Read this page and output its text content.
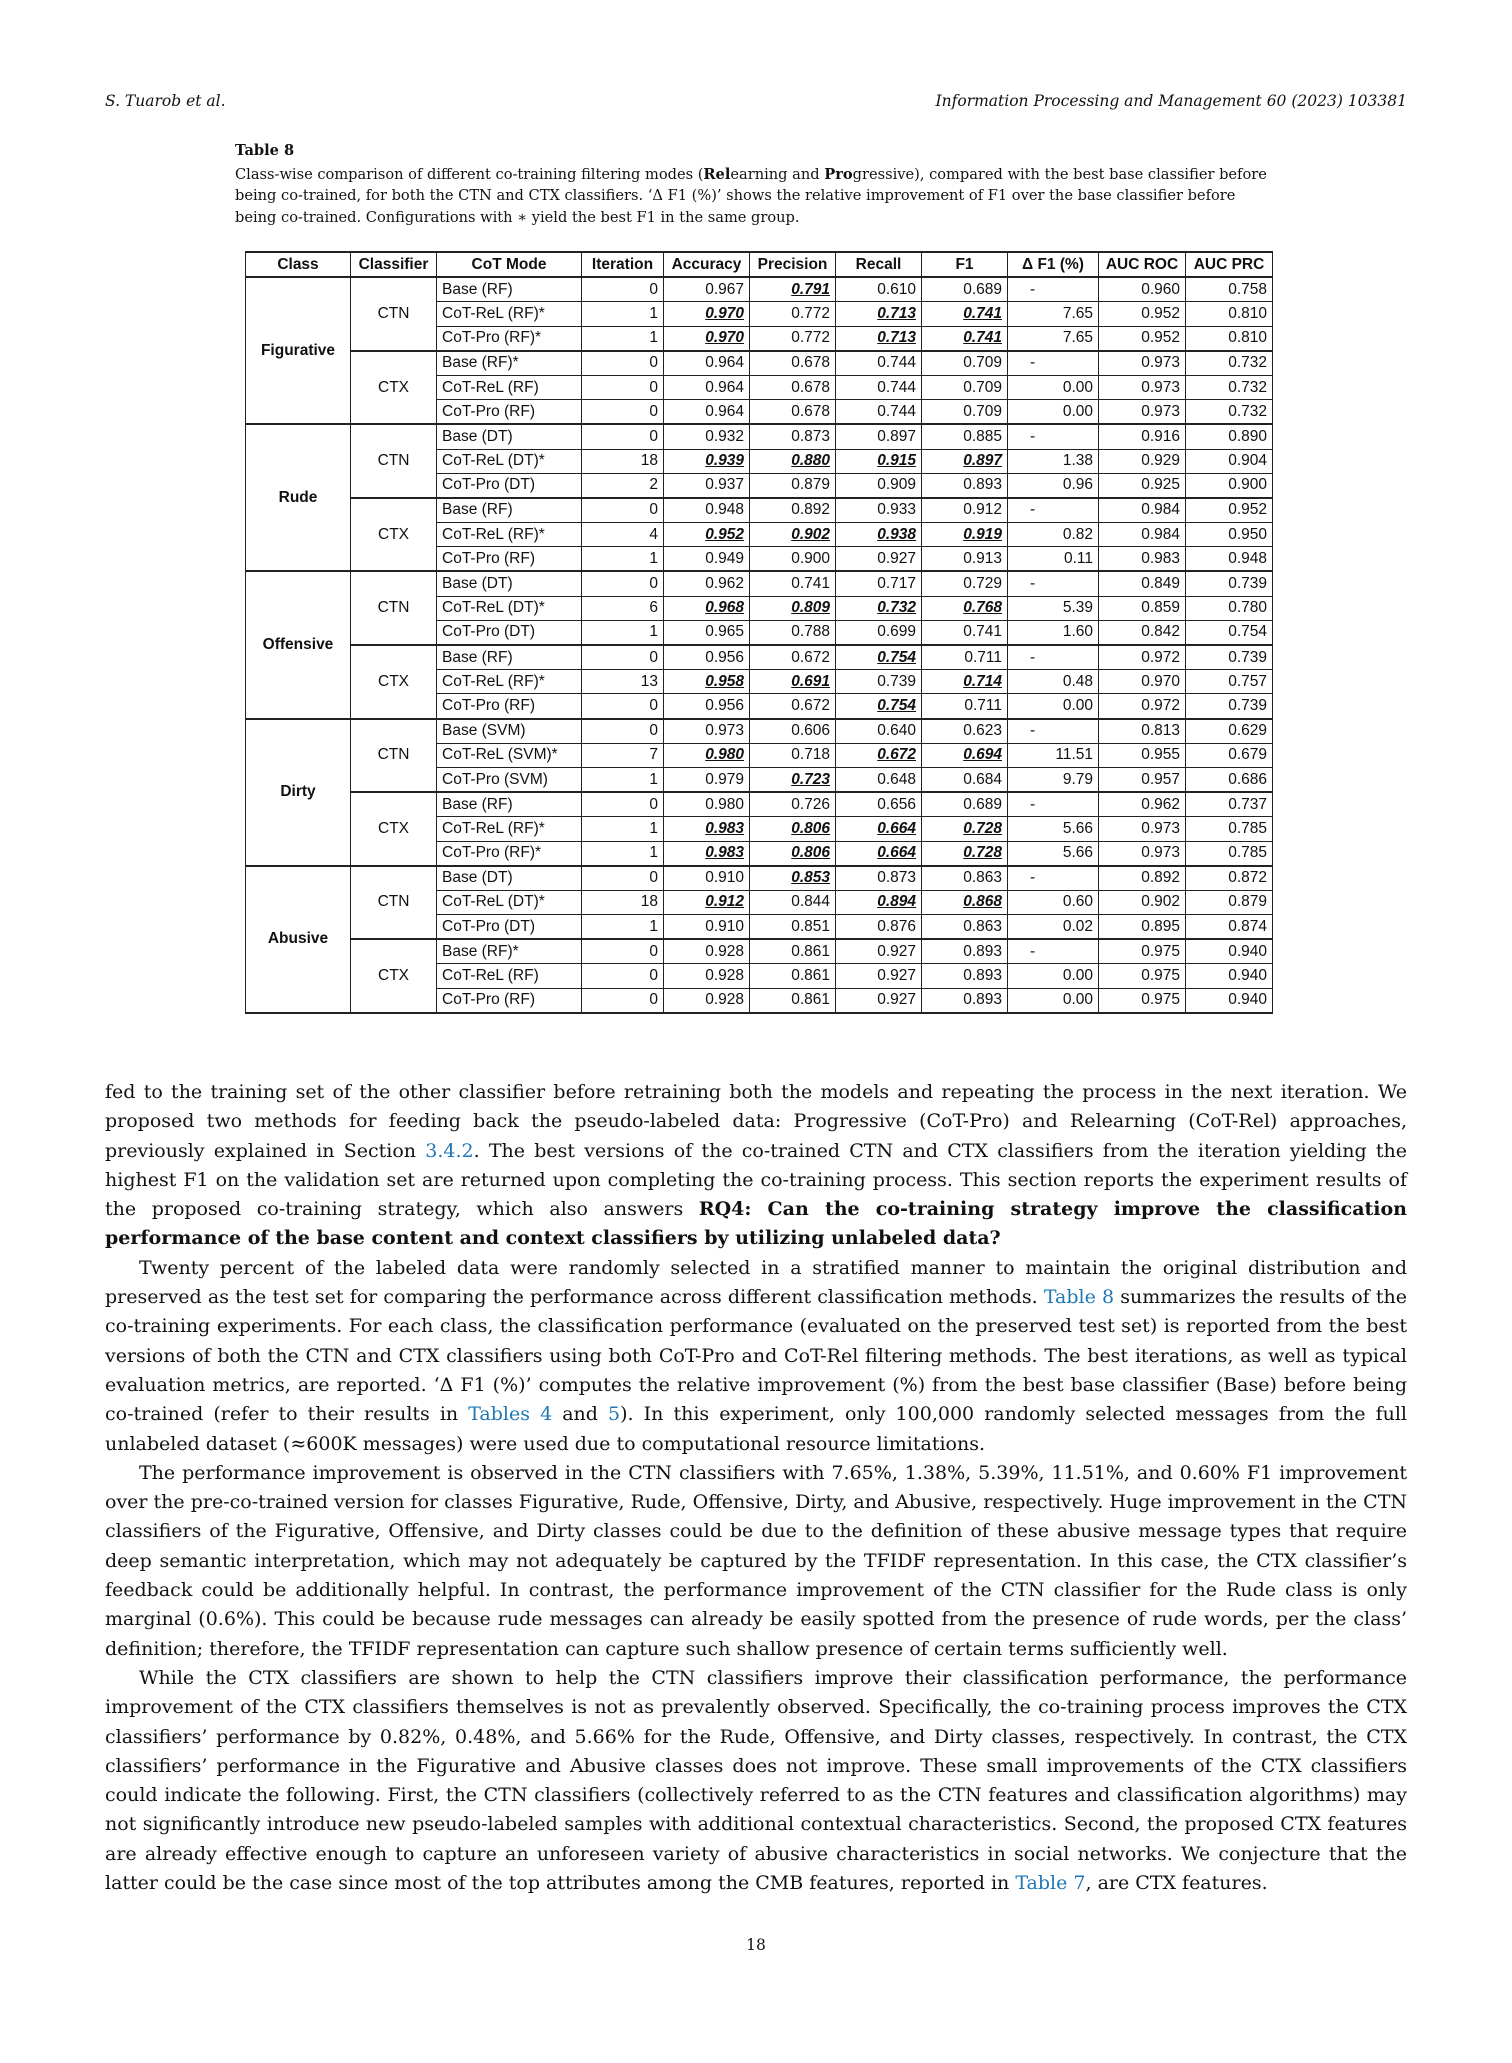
S. Tuarob et al.	Information Processing and Management 60 (2023) 103381
Table 8
Class-wise comparison of different co-training filtering modes (Relearning and Progressive), compared with the best base classifier before being co-trained, for both the CTN and CTX classifiers. ‘Δ F1 (%)’ shows the relative improvement of F1 over the base classifier before being co-trained. Configurations with ∗ yield the best F1 in the same group.
Class	Classifier	CoT Mode	Iteration	Accuracy	Precision	Recall	F1	Δ F1 (%)	AUC ROC	AUC PRC
Figurative	CTN	Base (RF)	0	0.967	0.791	0.610	0.689	-	0.960	0.758
		CoT-ReL (RF)*	1	0.970	0.772	0.713	0.741	7.65	0.952	0.810
		CoT-Pro (RF)*	1	0.970	0.772	0.713	0.741	7.65	0.952	0.810
	CTX	Base (RF)*	0	0.964	0.678	0.744	0.709	-	0.973	0.732
		CoT-ReL (RF)	0	0.964	0.678	0.744	0.709	0.00	0.973	0.732
		CoT-Pro (RF)	0	0.964	0.678	0.744	0.709	0.00	0.973	0.732
Rude	CTN	Base (DT)	0	0.932	0.873	0.897	0.885	-	0.916	0.890
		CoT-ReL (DT)*	18	0.939	0.880	0.915	0.897	1.38	0.929	0.904
		CoT-Pro (DT)	2	0.937	0.879	0.909	0.893	0.96	0.925	0.900
	CTX	Base (RF)	0	0.948	0.892	0.933	0.912	-	0.984	0.952
		CoT-ReL (RF)*	4	0.952	0.902	0.938	0.919	0.82	0.984	0.950
		CoT-Pro (RF)	1	0.949	0.900	0.927	0.913	0.11	0.983	0.948
Offensive	CTN	Base (DT)	0	0.962	0.741	0.717	0.729	-	0.849	0.739
		CoT-ReL (DT)*	6	0.968	0.809	0.732	0.768	5.39	0.859	0.780
		CoT-Pro (DT)	1	0.965	0.788	0.699	0.741	1.60	0.842	0.754
	CTX	Base (RF)	0	0.956	0.672	0.754	0.711	-	0.972	0.739
		CoT-ReL (RF)*	13	0.958	0.691	0.739	0.714	0.48	0.970	0.757
		CoT-Pro (RF)	0	0.956	0.672	0.754	0.711	0.00	0.972	0.739
Dirty	CTN	Base (SVM)	0	0.973	0.606	0.640	0.623	-	0.813	0.629
		CoT-ReL (SVM)*	7	0.980	0.718	0.672	0.694	11.51	0.955	0.679
		CoT-Pro (SVM)	1	0.979	0.723	0.648	0.684	9.79	0.957	0.686
	CTX	Base (RF)	0	0.980	0.726	0.656	0.689	-	0.962	0.737
		CoT-ReL (RF)*	1	0.983	0.806	0.664	0.728	5.66	0.973	0.785
		CoT-Pro (RF)*	1	0.983	0.806	0.664	0.728	5.66	0.973	0.785
Abusive	CTN	Base (DT)	0	0.910	0.853	0.873	0.863	-	0.892	0.872
		CoT-ReL (DT)*	18	0.912	0.844	0.894	0.868	0.60	0.902	0.879
		CoT-Pro (DT)	1	0.910	0.851	0.876	0.863	0.02	0.895	0.874
	CTX	Base (RF)*	0	0.928	0.861	0.927	0.893	-	0.975	0.940
		CoT-ReL (RF)	0	0.928	0.861	0.927	0.893	0.00	0.975	0.940
		CoT-Pro (RF)	0	0.928	0.861	0.927	0.893	0.00	0.975	0.940

fed to the training set of the other classifier before retraining both the models and repeating the process in the next iteration. We proposed two methods for feeding back the pseudo-labeled data: Progressive (CoT-Pro) and Relearning (CoT-Rel) approaches, previously explained in Section 3.4.2. The best versions of the co-trained CTN and CTX classifiers from the iteration yielding the highest F1 on the validation set are returned upon completing the co-training process. This section reports the experiment results of the proposed co-training strategy, which also answers RQ4: Can the co-training strategy improve the classification performance of the base content and context classifiers by utilizing unlabeled data?

Twenty percent of the labeled data were randomly selected in a stratified manner to maintain the original distribution and preserved as the test set for comparing the performance across different classification methods. Table 8 summarizes the results of the co-training experiments. For each class, the classification performance (evaluated on the preserved test set) is reported from the best versions of both the CTN and CTX classifiers using both CoT-Pro and CoT-Rel filtering methods. The best iterations, as well as typical evaluation metrics, are reported. ‘Δ F1 (%)’ computes the relative improvement (%) from the best base classifier (Base) before being co-trained (refer to their results in Tables 4 and 5). In this experiment, only 100,000 randomly selected messages from the full unlabeled dataset (≈600K messages) were used due to computational resource limitations.

The performance improvement is observed in the CTN classifiers with 7.65%, 1.38%, 5.39%, 11.51%, and 0.60% F1 improvement over the pre-co-trained version for classes Figurative, Rude, Offensive, Dirty, and Abusive, respectively. Huge improvement in the CTN classifiers of the Figurative, Offensive, and Dirty classes could be due to the definition of these abusive message types that require deep semantic interpretation, which may not adequately be captured by the TFIDF representation. In this case, the CTX classifier’s feedback could be additionally helpful. In contrast, the performance improvement of the CTN classifier for the Rude class is only marginal (0.6%). This could be because rude messages can already be easily spotted from the presence of rude words, per the class’ definition; therefore, the TFIDF representation can capture such shallow presence of certain terms sufficiently well.

While the CTX classifiers are shown to help the CTN classifiers improve their classification performance, the performance improvement of the CTX classifiers themselves is not as prevalently observed. Specifically, the co-training process improves the CTX classifiers’ performance by 0.82%, 0.48%, and 5.66% for the Rude, Offensive, and Dirty classes, respectively. In contrast, the CTX classifiers’ performance in the Figurative and Abusive classes does not improve. These small improvements of the CTX classifiers could indicate the following. First, the CTN classifiers (collectively referred to as the CTN features and classification algorithms) may not significantly introduce new pseudo-labeled samples with additional contextual characteristics. Second, the proposed CTX features are already effective enough to capture an unforeseen variety of abusive characteristics in social networks. We conjecture that the latter could be the case since most of the top attributes among the CMB features, reported in Table 7, are CTX features.

18
